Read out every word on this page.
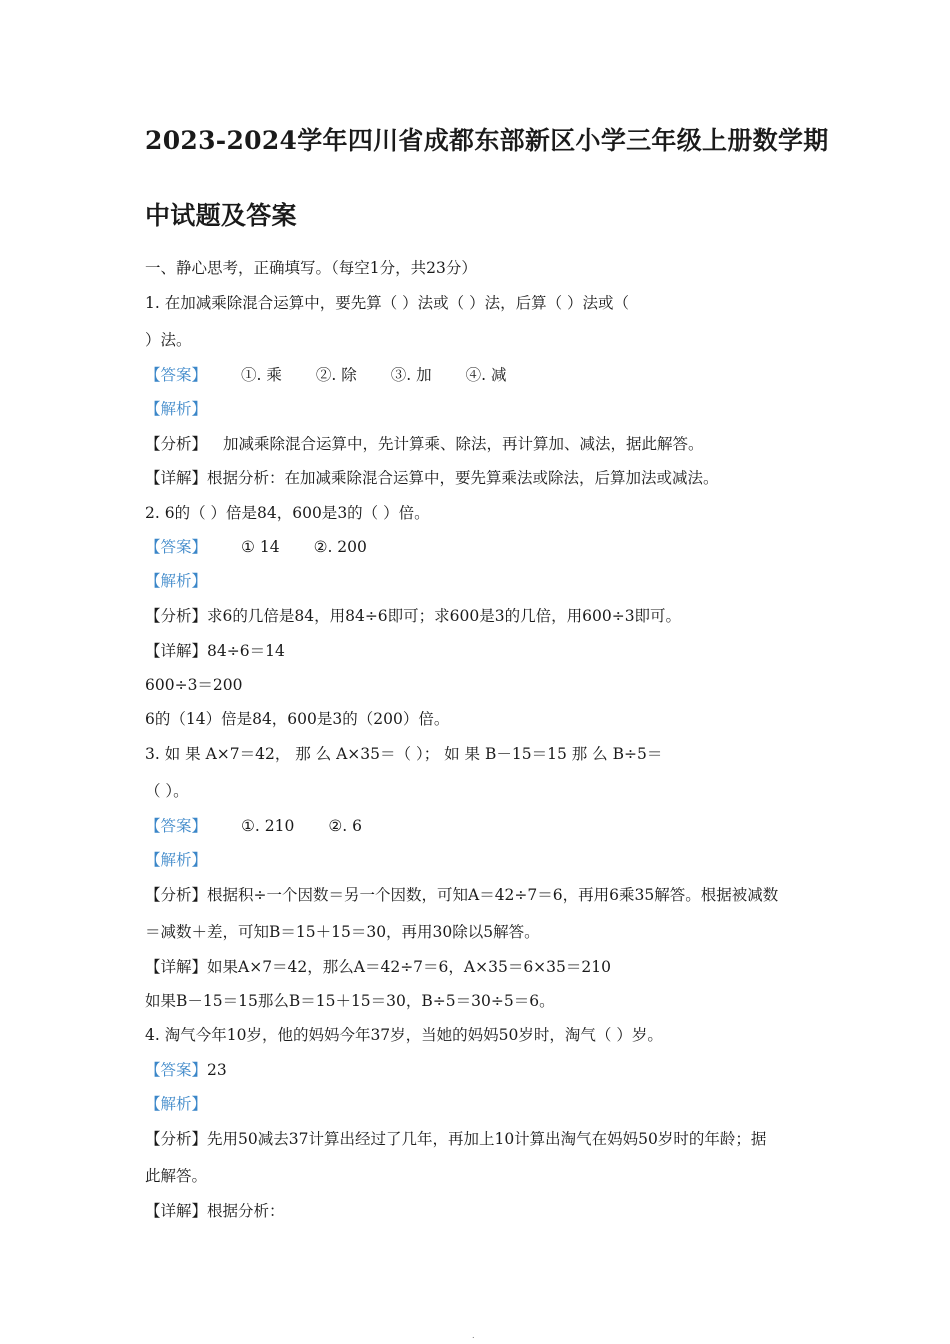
2023-2024学年四川省成都东部新区小学三年级上册数学期
中试题及答案
一、静心思考，正确填写。（每空1分，共23分）
1. 在加减乘除混合运算中，要先算（ ）法或（ ）法，后算（ ）法或（
）法。
【答案】 ①. 乘 ②. 除 ③. 加 ④. 减
【解析】
【分析】 加减乘除混合运算中，先计算乘、除法，再计算加、减法，据此解答。
【详解】根据分析：在加减乘除混合运算中，要先算乘法或除法，后算加法或减法。
2. 6的（ ）倍是84，600是3的（ ）倍。
【答案】 ① 14 ②. 200
【解析】
【分析】求6的几倍是84，用84÷6即可；求600是3的几倍，用600÷3即可。
【详解】84÷6＝14
600÷3＝200
6的（14）倍是84，600是3的（200）倍。
3. 如 果 A×7＝42， 那 么 A×35＝（ ）； 如 果 B－15＝15 那 么 B÷5＝
（ ）。
【答案】 ①. 210 ②. 6
【解析】
【分析】根据积÷一个因数＝另一个因数，可知A＝42÷7＝6，再用6乘35解答。根据被减数
＝减数＋差，可知B＝15＋15＝30，再用30除以5解答。
【详解】如果A×7＝42，那么A＝42÷7＝6，A×35＝6×35＝210
如果B－15＝15那么B＝15＋15＝30，B÷5＝30÷5＝6。
4. 淘气今年10岁，他的妈妈今年37岁，当她的妈妈50岁时，淘气（ ）岁。
【答案】23
【解析】
【分析】先用50减去37计算出经过了几年，再加上10计算出淘气在妈妈50岁时的年龄；据
此解答。
【详解】根据分析：
.
